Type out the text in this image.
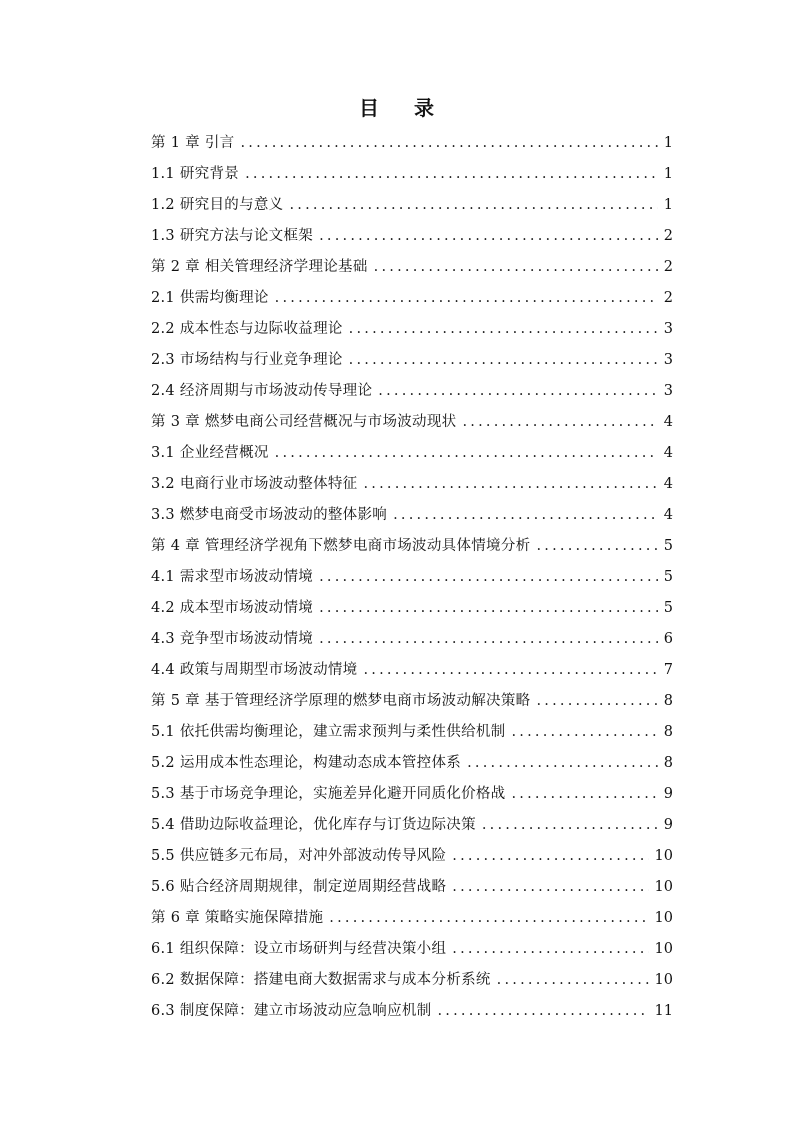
目 录
第 1 章 引言 .....	1
1.1 研究背景 .....	1
1.2 研究目的与意义 .....	1
1.3 研究方法与论文框架 .....	2
第 2 章 相关管理经济学理论基础 .....	2
2.1 供需均衡理论 .....	2
2.2 成本性态与边际收益理论 .....	3
2.3 市场结构与行业竞争理论 .....	3
2.4 经济周期与市场波动传导理论 .....	3
第 3 章 燃梦电商公司经营概况与市场波动现状 .....	4
3.1 企业经营概况 .....	4
3.2 电商行业市场波动整体特征 .....	4
3.3 燃梦电商受市场波动的整体影响 .....	4
第 4 章 管理经济学视角下燃梦电商市场波动具体情境分析 .....	5
4.1 需求型市场波动情境 .....	5
4.2 成本型市场波动情境 .....	5
4.3 竞争型市场波动情境 .....	6
4.4 政策与周期型市场波动情境 .....	7
第 5 章 基于管理经济学原理的燃梦电商市场波动解决策略 .....	8
5.1 依托供需均衡理论，建立需求预判与柔性供给机制 .....	8
5.2 运用成本性态理论，构建动态成本管控体系 .....	8
5.3 基于市场竞争理论，实施差异化避开同质化价格战 .....	9
5.4 借助边际收益理论，优化库存与订货边际决策 .....	9
5.5 供应链多元布局，对冲外部波动传导风险 .....	10
5.6 贴合经济周期规律，制定逆周期经营战略 .....	10
第 6 章 策略实施保障措施 .....	10
6.1 组织保障：设立市场研判与经营决策小组 .....	10
6.2 数据保障：搭建电商大数据需求与成本分析系统 .....	10
6.3 制度保障：建立市场波动应急响应机制 .....	11
